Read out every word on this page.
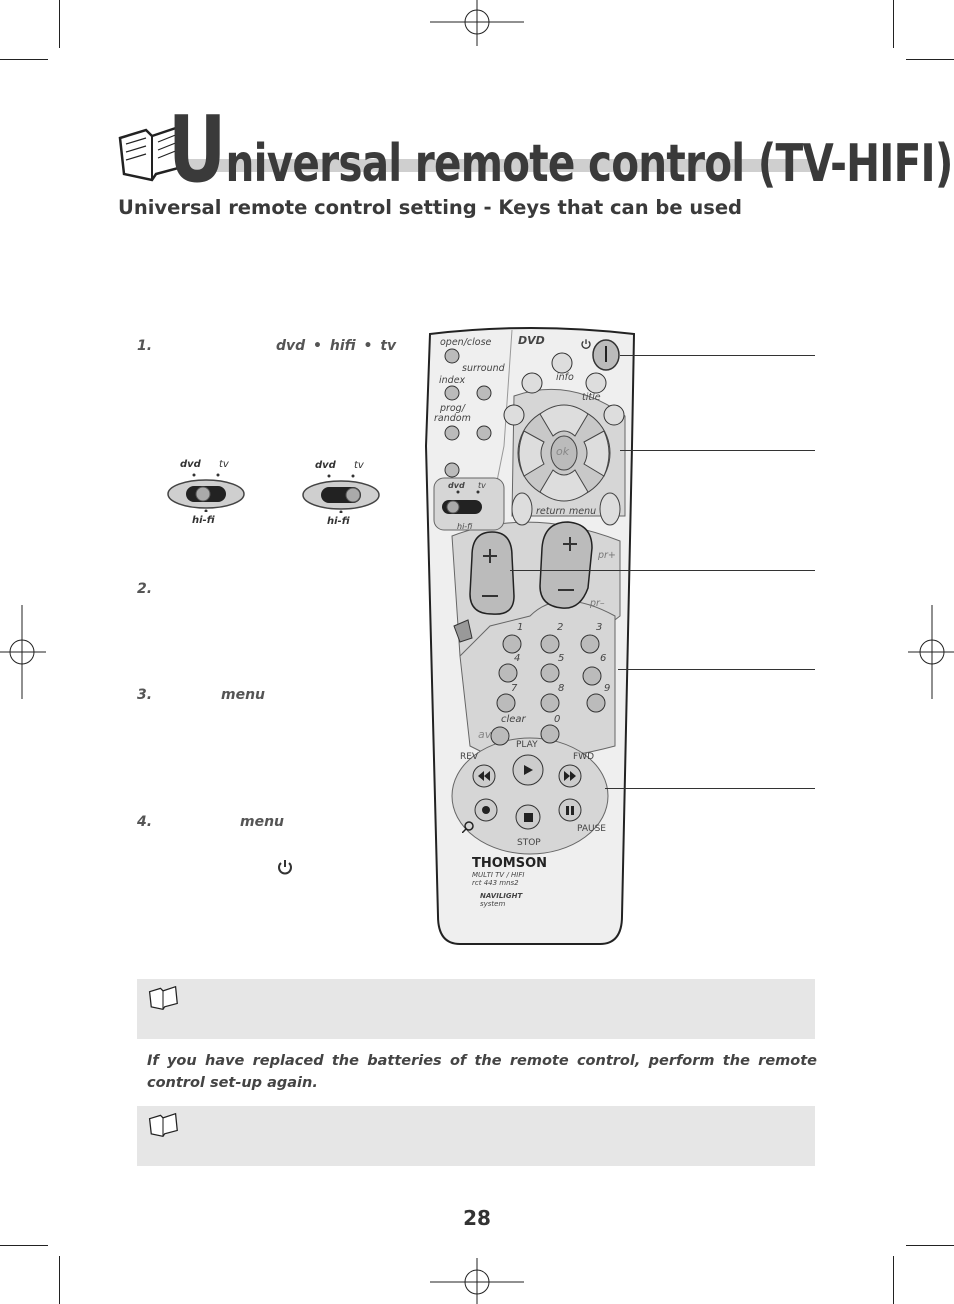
Universal remote control (TV-HIFI)
Universal remote control setting - Keys that can be used
1.	dvd • hifi • tv
2.
3.	menu
4.	menu
dvd tv
hi-fi
dvd tv
hi-fi
open/close DVD
info
surround
index
title
prog/
random
ok
return menu
dvd tv
hi-fi
pr+
pr–
1	2	3
4	5	6
7	8	9
clear	0
av
PLAY
REV	FWD
PAUSE
STOP
THOMSON
MULTI TV / HIFI
rct 443 mns2
NAVILIGHT
system
If you have replaced the batteries of the remote control, perform the remote control set-up again.
28
